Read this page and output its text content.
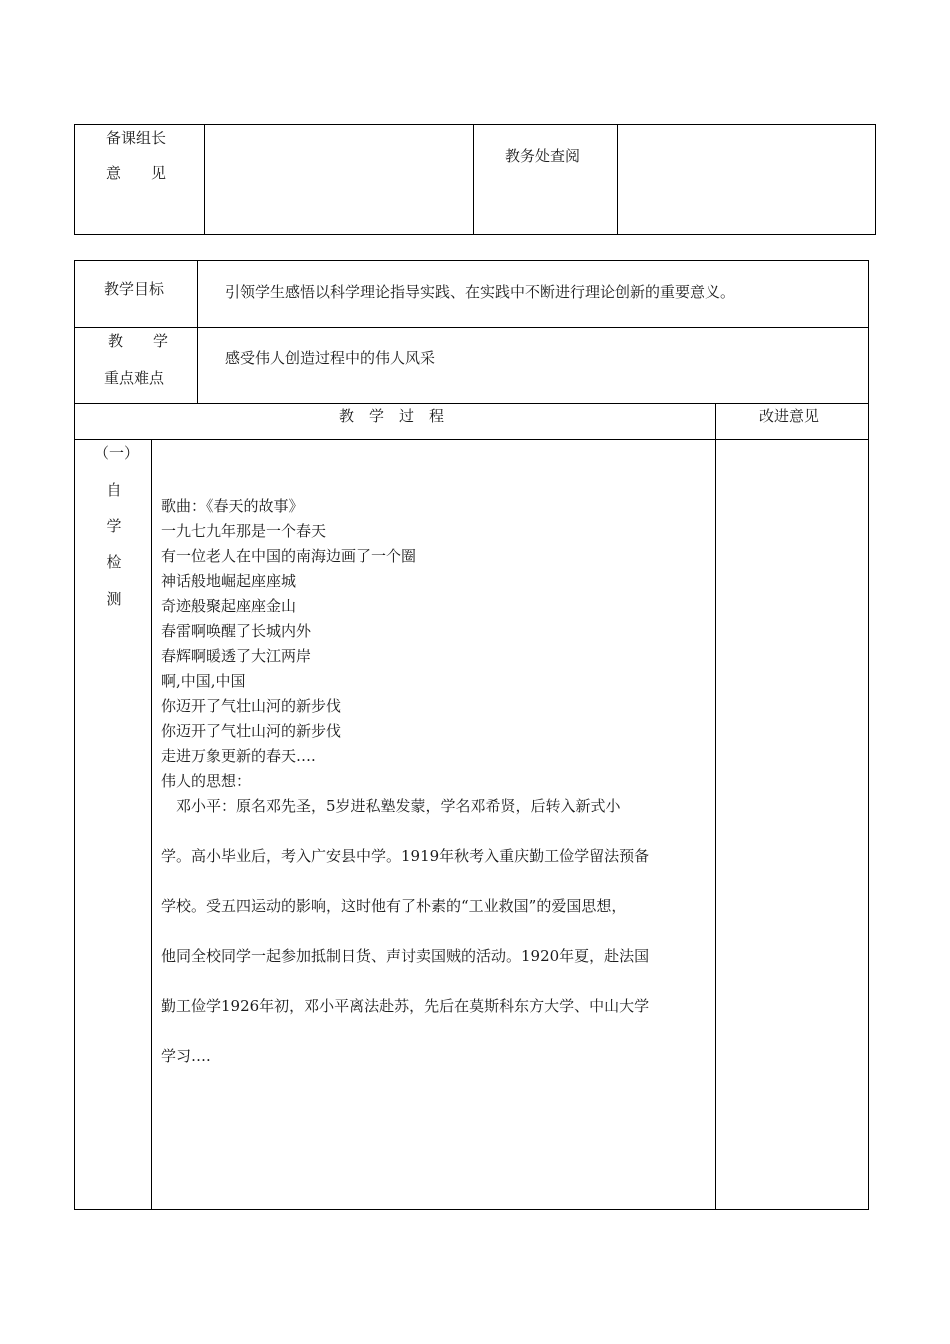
备课组长
意　　见
教务处查阅
教学目标	引领学生感悟以科学理论指导实践、在实践中不断进行理论创新的重要意义。
教　　学
重点难点
感受伟人创造过程中的伟人风采
教　学　过　程	改进意见
（一）
自
学
检
测
歌曲：《春天的故事》
一九七九年那是一个春天
有一位老人在中国的南海边画了一个圈
神话般地崛起座座城
奇迹般聚起座座金山
春雷啊唤醒了长城内外
春辉啊暖透了大江两岸
啊,中国,中国
你迈开了气壮山河的新步伐
你迈开了气壮山河的新步伐
走进万象更新的春天….
伟人的思想：
　邓小平：原名邓先圣，5岁进私塾发蒙，学名邓希贤，后转入新式小
学。高小毕业后，考入广安县中学。1919年秋考入重庆勤工俭学留法预备
学校。受五四运动的影响，这时他有了朴素的“工业救国”的爱国思想，
他同全校同学一起参加抵制日货、声讨卖国贼的活动。1920年夏，赴法国
勤工俭学1926年初，邓小平离法赴苏，先后在莫斯科东方大学、中山大学
学习….
